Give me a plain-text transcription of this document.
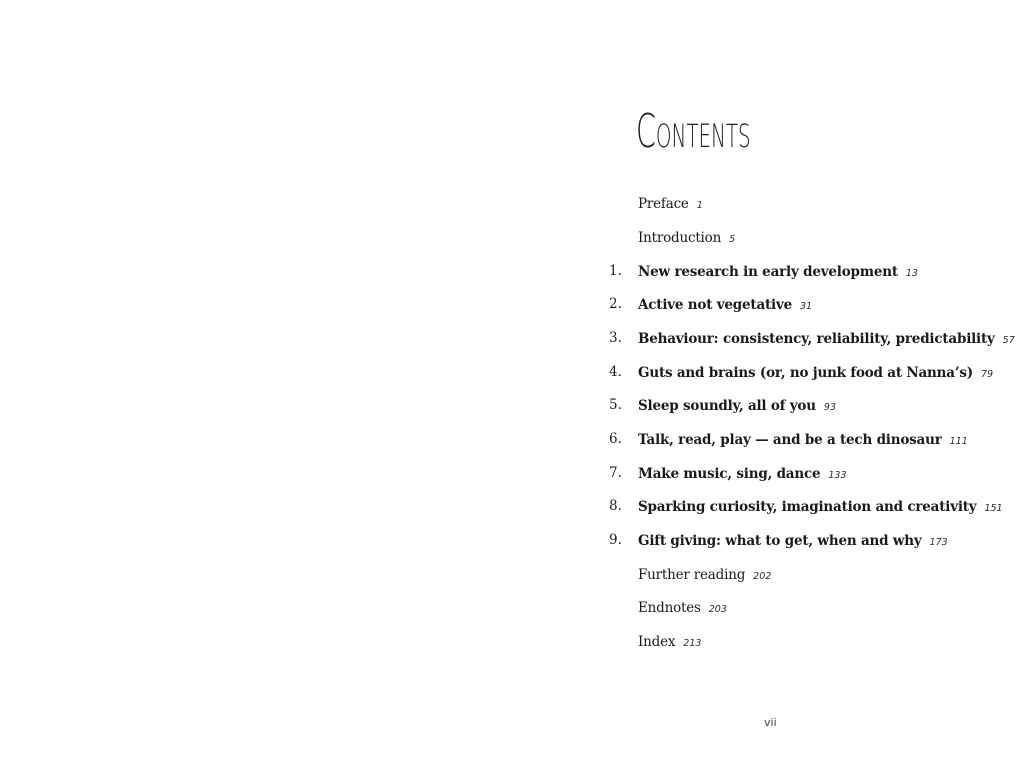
Contents
Preface 1
Introduction 5
1. New research in early development 13
2. Active not vegetative 31
3. Behaviour: consistency, reliability, predictability 57
4. Guts and brains (or, no junk food at Nanna’s) 79
5. Sleep soundly, all of you 93
6. Talk, read, play — and be a tech dinosaur 111
7. Make music, sing, dance 133
8. Sparking curiosity, imagination and creativity 151
9. Gift giving: what to get, when and why 173
Further reading 202
Endnotes 203
Index 213
vii
